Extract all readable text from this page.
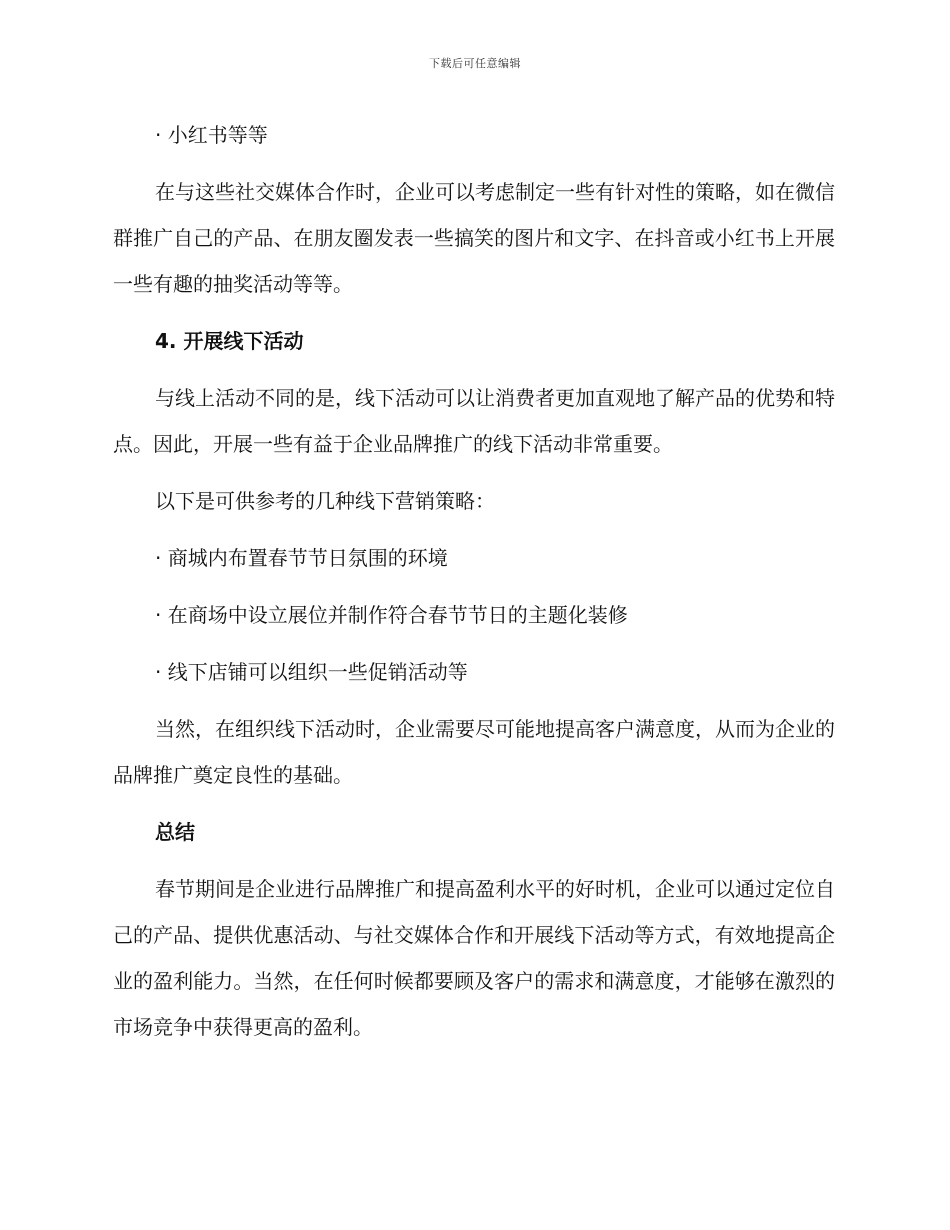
下载后可任意编辑
· 小红书等等
在与这些社交媒体合作时，企业可以考虑制定一些有针对性的策略，如在微信群推广自己的产品、在朋友圈发表一些搞笑的图片和文字、在抖音或小红书上开展一些有趣的抽奖活动等等。
4. 开展线下活动
与线上活动不同的是，线下活动可以让消费者更加直观地了解产品的优势和特点。因此，开展一些有益于企业品牌推广的线下活动非常重要。
以下是可供参考的几种线下营销策略：
· 商城内布置春节节日氛围的环境
· 在商场中设立展位并制作符合春节节日的主题化装修
· 线下店铺可以组织一些促销活动等
当然，在组织线下活动时，企业需要尽可能地提高客户满意度，从而为企业的品牌推广奠定良性的基础。
总结
春节期间是企业进行品牌推广和提高盈利水平的好时机，企业可以通过定位自己的产品、提供优惠活动、与社交媒体合作和开展线下活动等方式，有效地提高企业的盈利能力。当然，在任何时候都要顾及客户的需求和满意度，才能够在激烈的市场竞争中获得更高的盈利。
